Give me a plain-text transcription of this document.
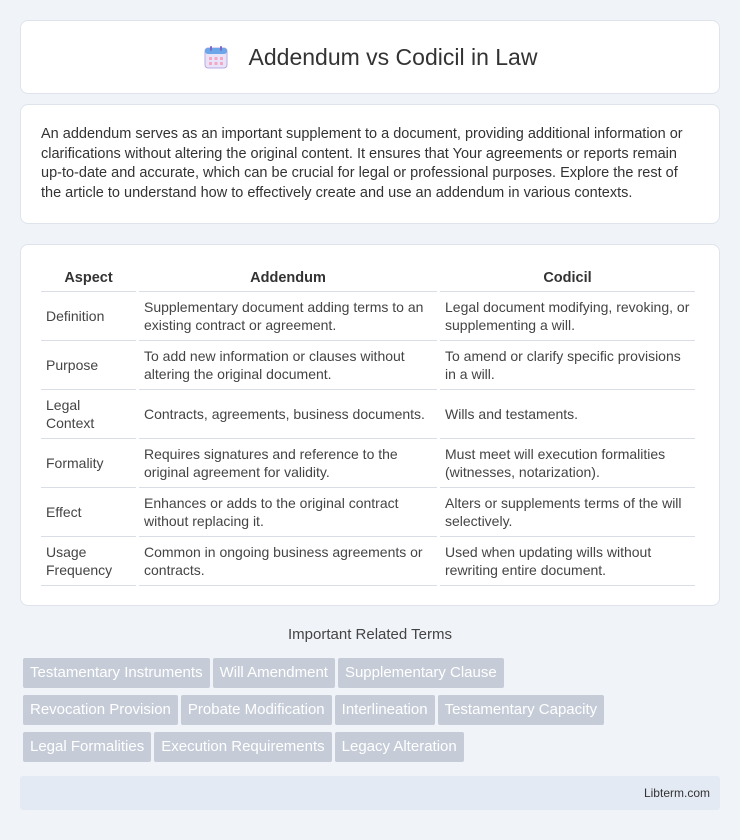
Addendum vs Codicil in Law

An addendum serves as an important supplement to a document, providing additional information or clarifications without altering the original content. It ensures that Your agreements or reports remain up-to-date and accurate, which can be crucial for legal or professional purposes. Explore the rest of the article to understand how to effectively create and use an addendum in various contexts.

Aspect	Addendum	Codicil
Definition	Supplementary document adding terms to an existing contract or agreement.	Legal document modifying, revoking, or supplementing a will.
Purpose	To add new information or clauses without altering the original document.	To amend or clarify specific provisions in a will.
Legal Context	Contracts, agreements, business documents.	Wills and testaments.
Formality	Requires signatures and reference to the original agreement for validity.	Must meet will execution formalities (witnesses, notarization).
Effect	Enhances or adds to the original contract without replacing it.	Alters or supplements terms of the will selectively.
Usage Frequency	Common in ongoing business agreements or contracts.	Used when updating wills without rewriting entire document.
Important Related Terms
Testamentary Instruments Will Amendment Supplementary Clause
Revocation Provision Probate Modification Interlineation Testamentary Capacity
Legal Formalities Execution Requirements Legacy Alteration
Libterm.com
